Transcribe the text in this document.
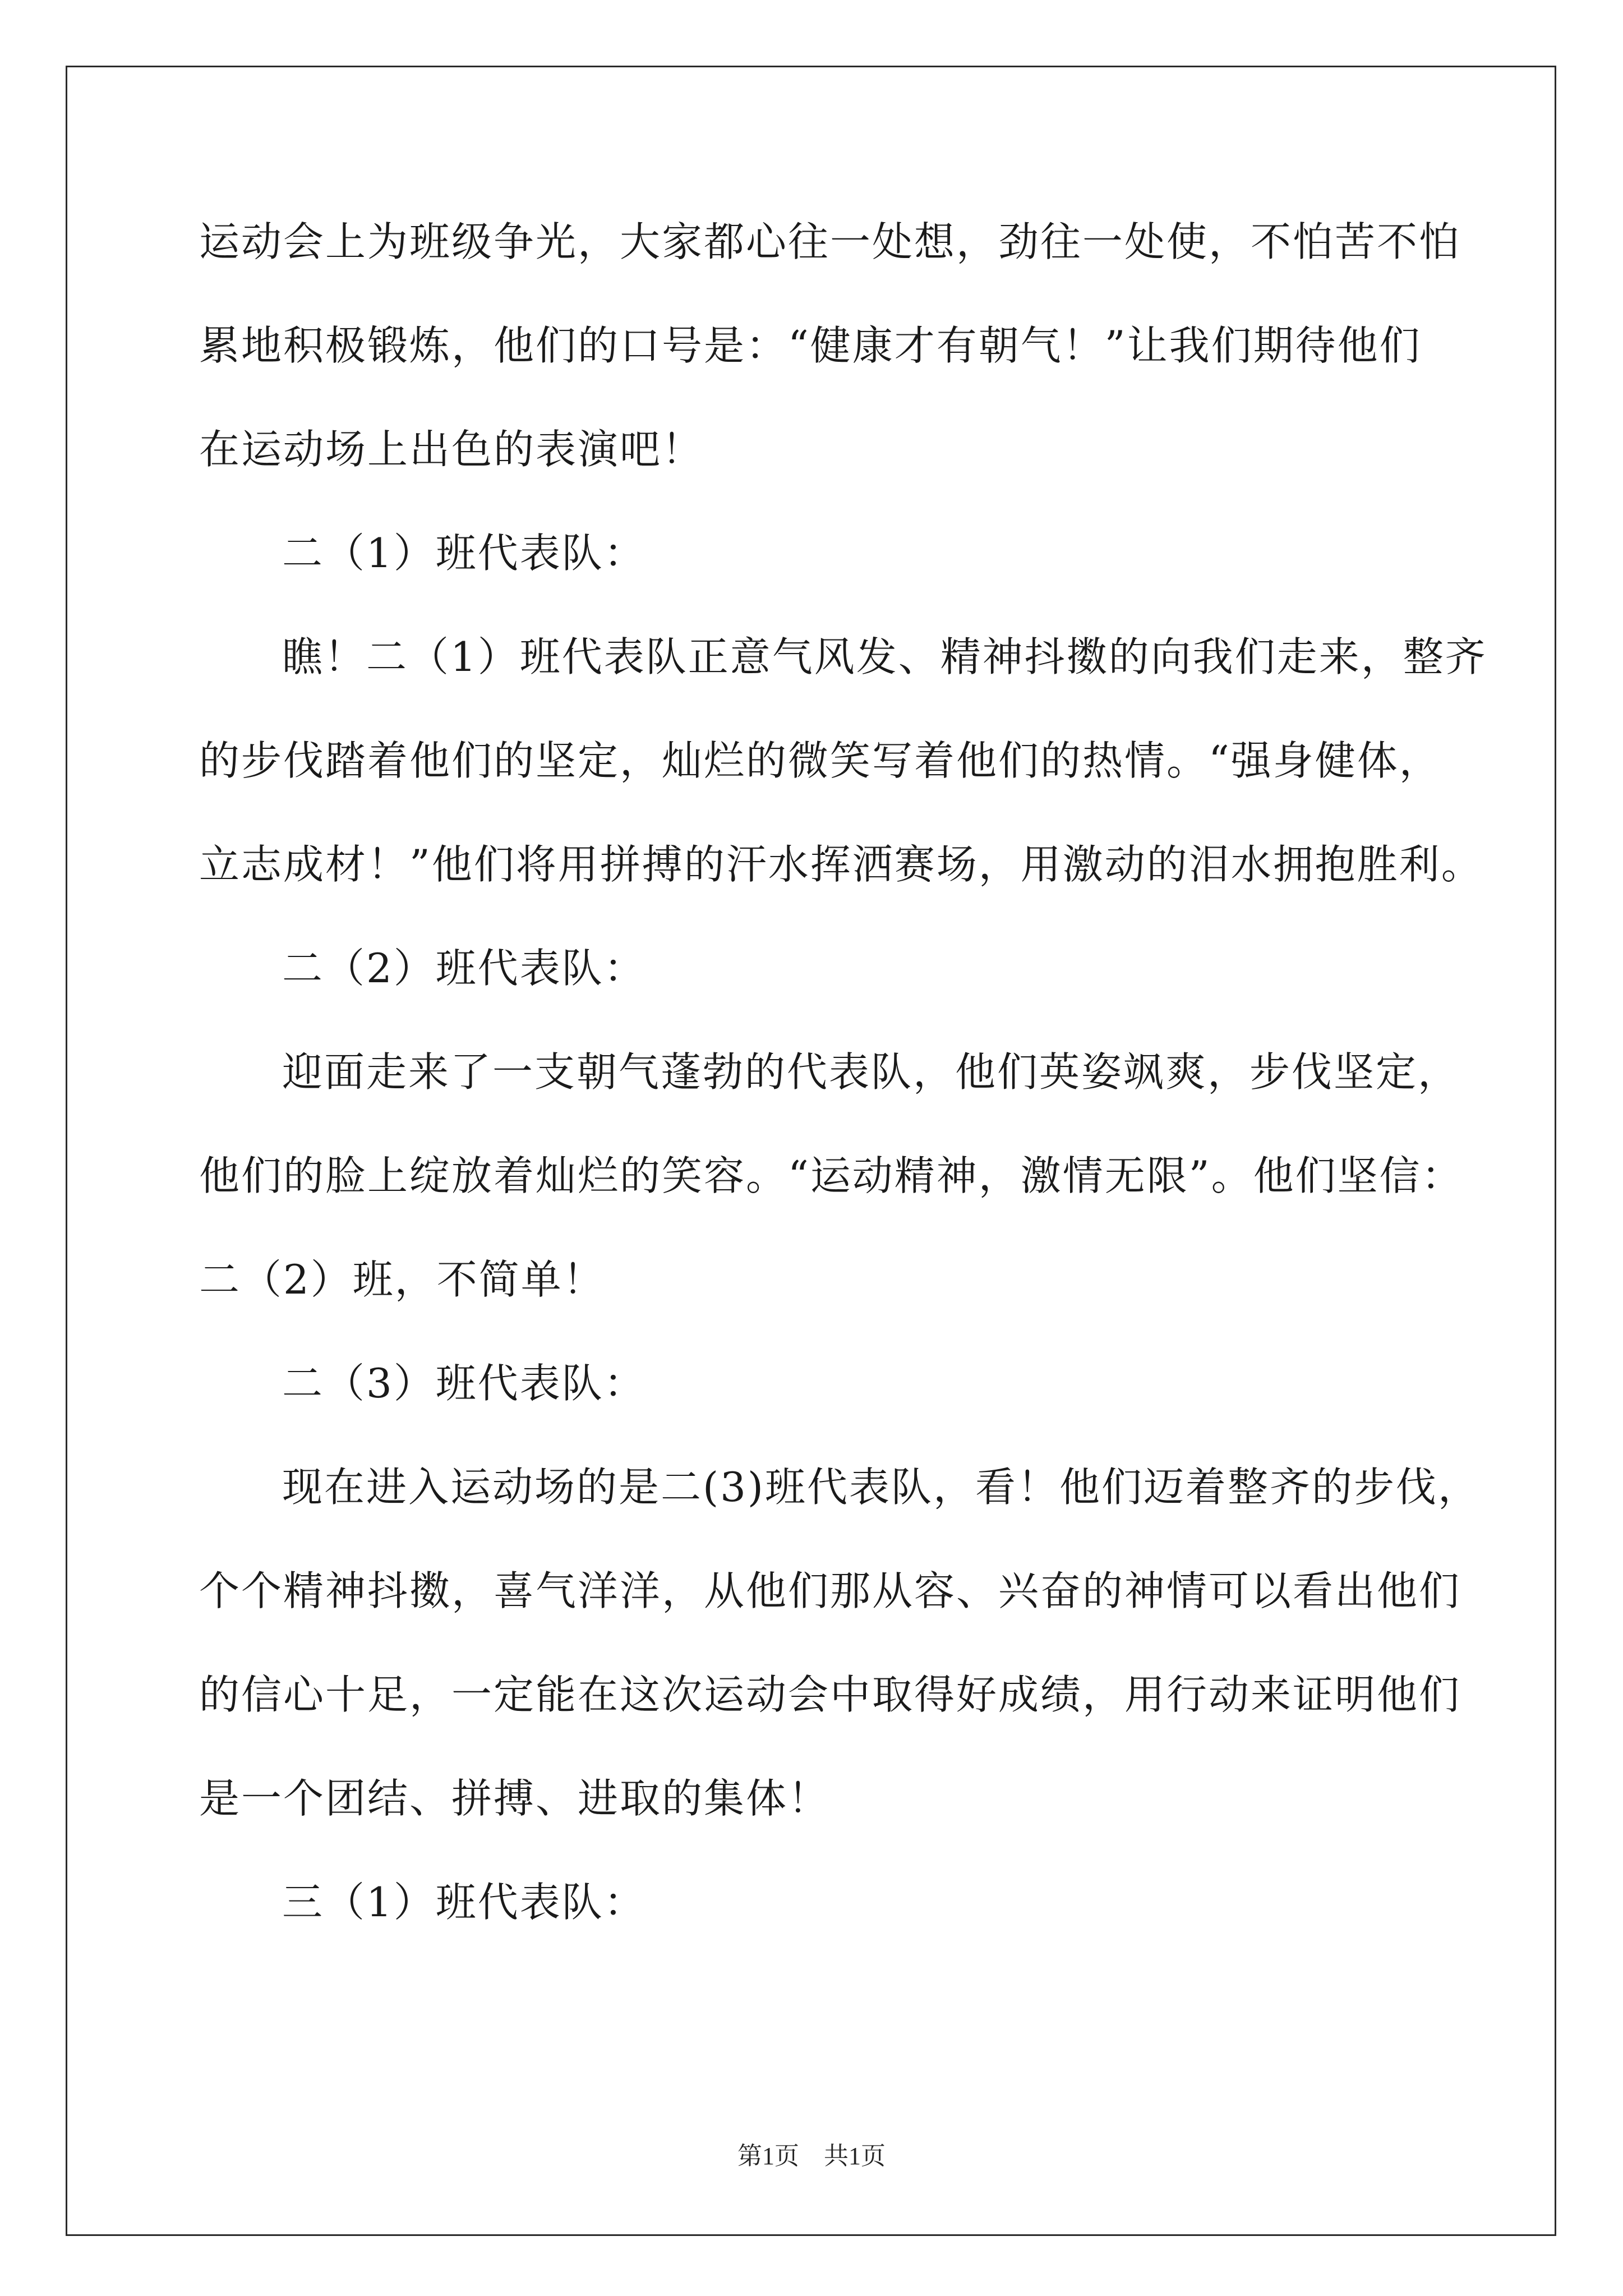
运动会上为班级争光，大家都心往一处想，劲往一处使，不怕苦不怕
累地积极锻炼，他们的口号是：“健康才有朝气！”让我们期待他们
在运动场上出色的表演吧！
二（1）班代表队：
瞧！二（1）班代表队正意气风发、精神抖擞的向我们走来，整齐
的步伐踏着他们的坚定，灿烂的微笑写着他们的热情。“强身健体，
立志成材！”他们将用拼搏的汗水挥洒赛场，用激动的泪水拥抱胜利。
二（2）班代表队：
迎面走来了一支朝气蓬勃的代表队，他们英姿飒爽，步伐坚定，
他们的脸上绽放着灿烂的笑容。“运动精神，激情无限”。他们坚信：
二（2）班，不简单！
二（3）班代表队：
现在进入运动场的是二(3)班代表队，看！他们迈着整齐的步伐，
个个精神抖擞，喜气洋洋，从他们那从容、兴奋的神情可以看出他们
的信心十足，一定能在这次运动会中取得好成绩，用行动来证明他们
是一个团结、拼搏、进取的集体！
三（1）班代表队：
第1页　共1页
